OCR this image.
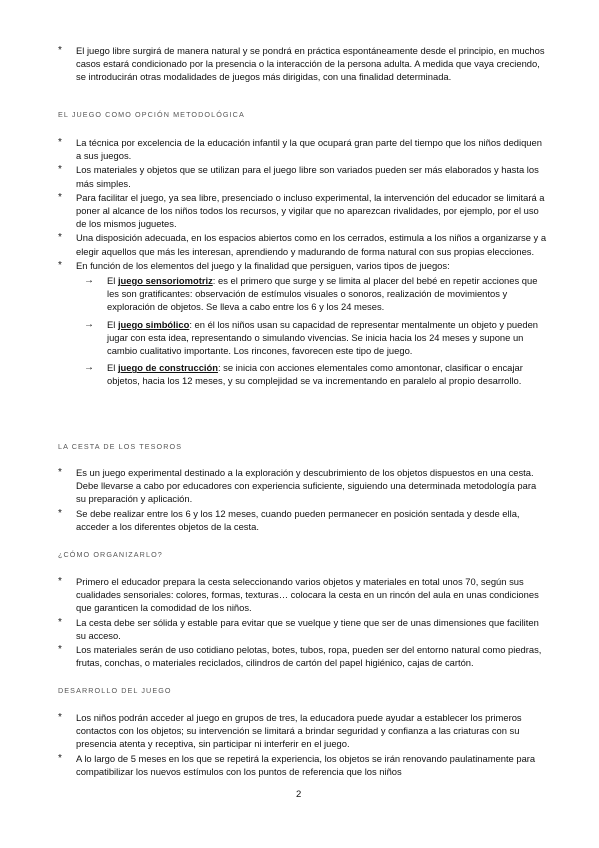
* El juego libre surgirá de manera natural y se pondrá en práctica espontáneamente desde el principio, en muchos casos estará condicionado por la presencia o la interacción de la persona adulta. A medida que vaya creciendo, se introducirán otras modalidades de juegos más dirigidas, con una finalidad determinada.
EL JUEGO COMO OPCIÓN METODOLÓGICA
* La técnica por excelencia de la educación infantil y la que ocupará gran parte del tiempo que los niños dediquen a sus juegos.
* Los materiales y objetos que se utilizan para el juego libre son variados pueden ser más elaborados y hasta los más simples.
* Para facilitar el juego, ya sea libre, presenciado o incluso experimental, la intervención del educador se limitará a poner al alcance de los niños todos los recursos, y vigilar que no aparezcan rivalidades, por ejemplo, por el uso de los mismos juguetes.
* Una disposición adecuada, en los espacios abiertos como en los cerrados, estimula a los niños a organizarse y a elegir aquellos que más les interesan, aprendiendo y madurando de forma natural con sus propias elecciones.
* En función de los elementos del juego y la finalidad que persiguen, varios tipos de juegos:
→ El juego sensoriomotriz: es el primero que surge y se limita al placer del bebé en repetir acciones que les son gratificantes: observación de estímulos visuales o sonoros, realización de movimientos y exploración de objetos. Se lleva a cabo entre los 6 y los 24 meses.
→ El juego simbólico: en él los niños usan su capacidad de representar mentalmente un objeto y pueden jugar con esta idea, representando o simulando vivencias. Se inicia hacia los 24 meses y supone un cambio cualitativo importante. Los rincones, favorecen este tipo de juego.
→ El juego de construcción: se inicia con acciones elementales como amontonar, clasificar o encajar objetos, hacia los 12 meses, y su complejidad se va incrementando en paralelo al propio desarrollo.
LA CESTA DE LOS TESOROS
* Es un juego experimental destinado a la exploración y descubrimiento de los objetos dispuestos en una cesta. Debe llevarse a cabo por educadores con experiencia suficiente, siguiendo una determinada metodología para su preparación y aplicación.
* Se debe realizar entre los 6 y los 12 meses, cuando pueden permanecer en posición sentada y desde ella, acceder a los diferentes objetos de la cesta.
¿CÓMO ORGANIZARLO?
* Primero el educador prepara la cesta seleccionando varios objetos y materiales en total unos 70, según sus cualidades sensoriales: colores, formas, texturas… colocara la cesta en un rincón del aula en unas condiciones que garanticen la comodidad de los niños.
* La cesta debe ser sólida y estable para evitar que se vuelque y tiene que ser de unas dimensiones que faciliten su acceso.
* Los materiales serán de uso cotidiano pelotas, botes, tubos, ropa, pueden ser del entorno natural como piedras, frutas, conchas, o materiales reciclados, cilindros de cartón del papel higiénico, cajas de cartón.
DESARROLLO DEL JUEGO
* Los niños podrán acceder al juego en grupos de tres, la educadora puede ayudar a establecer los primeros contactos con los objetos; su intervención se limitará a brindar seguridad y confianza a las criaturas con su presencia atenta y receptiva, sin participar ni interferir en el juego.
* A lo largo de 5 meses en los que se repetirá la experiencia, los objetos se irán renovando paulatinamente para compatibilizar los nuevos estímulos con los puntos de referencia que los niños
2
